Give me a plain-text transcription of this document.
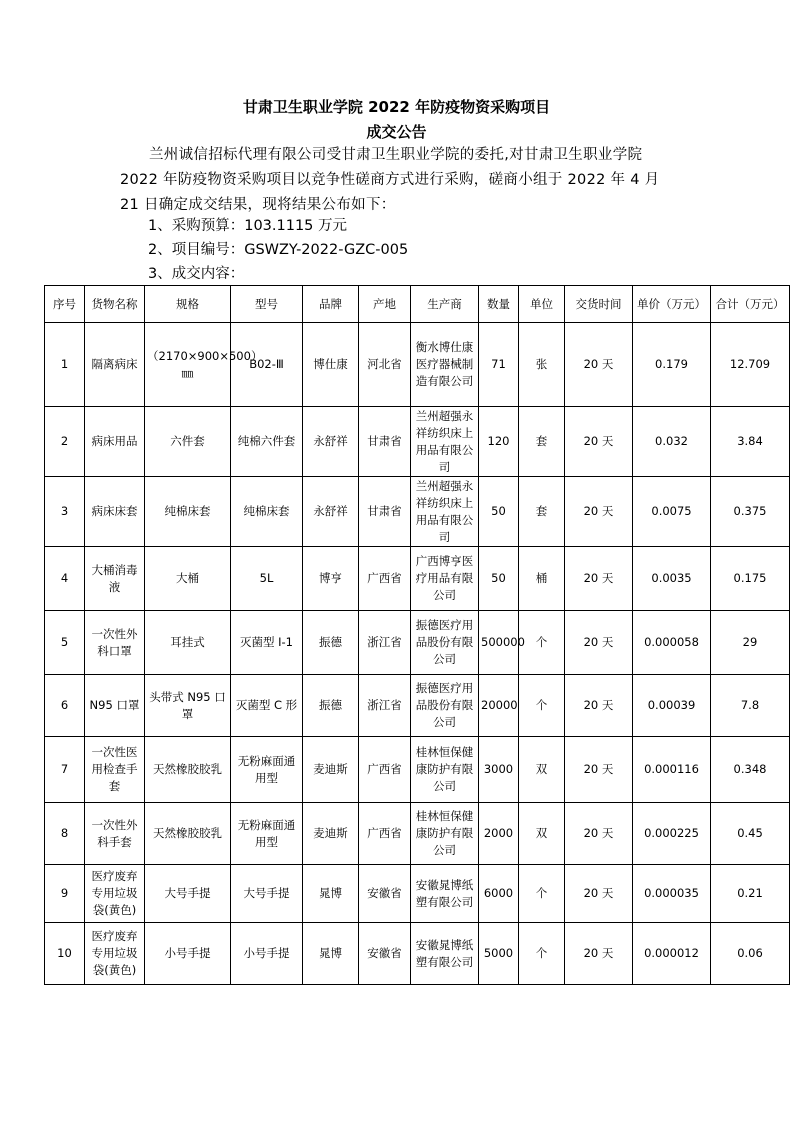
甘肃卫生职业学院 2022 年防疫物资采购项目
成交公告
兰州诚信招标代理有限公司受甘肃卫生职业学院的委托,对甘肃卫生职业学院 2022 年防疫物资采购项目以竞争性磋商方式进行采购，磋商小组于 2022 年 4 月 21 日确定成交结果，现将结果公布如下：
1、采购预算：103.1115 万元
2、项目编号：GSWZY-2022-GZC-005
3、成交内容：
序号	货物名称	规格	型号	品牌	产地	生产商	数量	单位	交货时间	单价（万元）	合计（万元）
1	隔离病床	（2170×900×500）㎜	B02-Ⅲ	博仕康	河北省	衡水博仕康医疗器械制造有限公司	71	张	20 天	0.179	12.709
2	病床用品	六件套	纯棉六件套	永舒祥	甘肃省	兰州超强永祥纺织床上用品有限公司	120	套	20 天	0.032	3.84
3	病床床套	纯棉床套	纯棉床套	永舒祥	甘肃省	兰州超强永祥纺织床上用品有限公司	50	套	20 天	0.0075	0.375
4	大桶消毒液	大桶	5L	博亨	广西省	广西博亨医疗用品有限公司	50	桶	20 天	0.0035	0.175
5	一次性外科口罩	耳挂式	灭菌型 I-1	振德	浙江省	振德医疗用品股份有限公司	500000	个	20 天	0.000058	29
6	N95 口罩	头带式 N95 口罩	灭菌型 C 形	振德	浙江省	振德医疗用品股份有限公司	20000	个	20 天	0.00039	7.8
7	一次性医用检查手套	天然橡胶胶乳	无粉麻面通用型	麦迪斯	广西省	桂林恒保健康防护有限公司	3000	双	20 天	0.000116	0.348
8	一次性外科手套	天然橡胶胶乳	无粉麻面通用型	麦迪斯	广西省	桂林恒保健康防护有限公司	2000	双	20 天	0.000225	0.45
9	医疗废弃专用垃圾袋(黄色)	大号手提	大号手提	晁博	安徽省	安徽晁博纸塑有限公司	6000	个	20 天	0.000035	0.21
10	医疗废弃专用垃圾袋(黄色)	小号手提	小号手提	晁博	安徽省	安徽晁博纸塑有限公司	5000	个	20 天	0.000012	0.06
